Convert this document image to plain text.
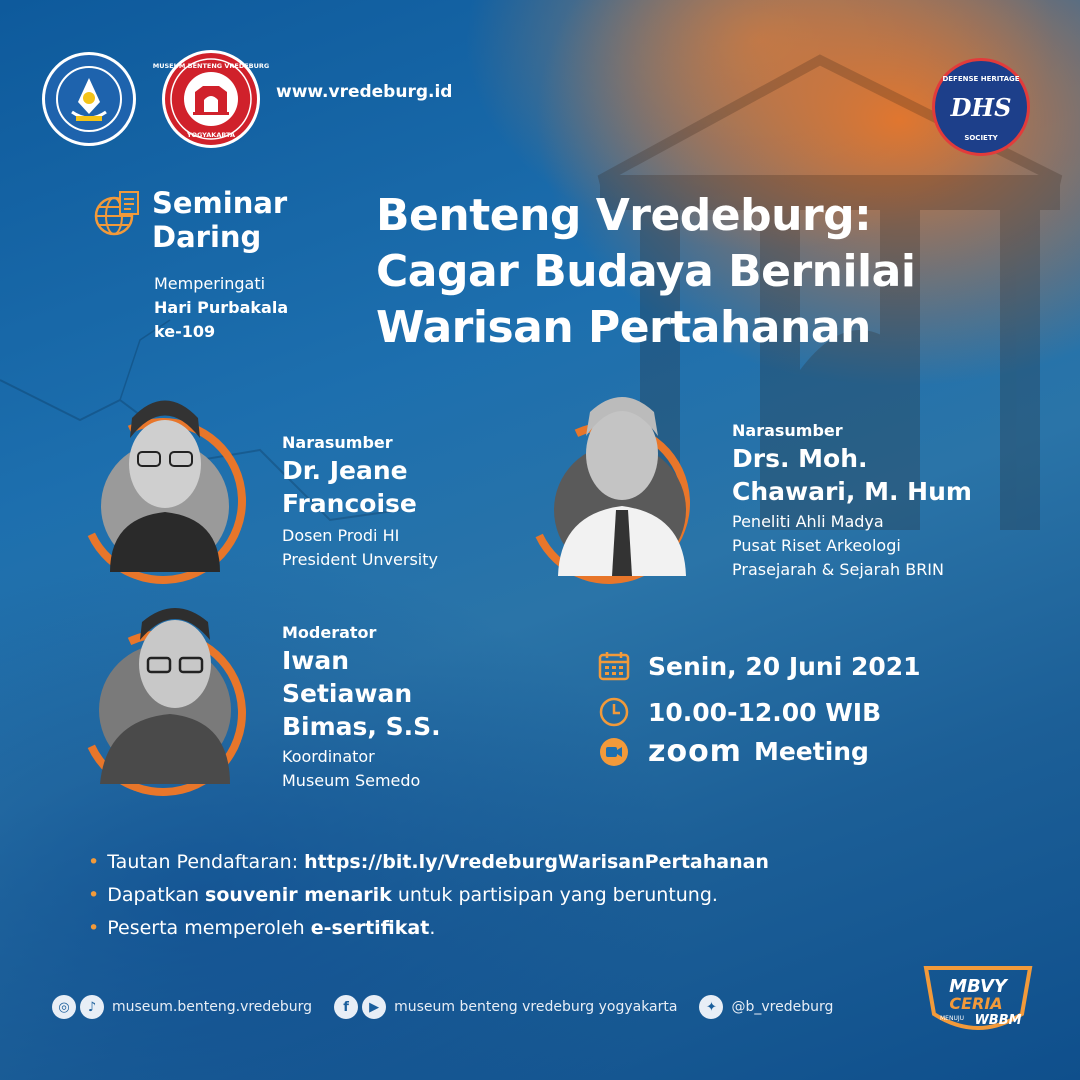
MUSEUM BENTENG VREDEBURG
YOGYAKARTA
www.vredeburg.id
DEFENSE HERITAGE
DHS
SOCIETY
Seminar Daring
Memperingati
Hari Purbakala
ke-109
Benteng Vredeburg:
Cagar Budaya Bernilai
Warisan Pertahanan
Narasumber
Dr. Jeane
Francoise
Dosen Prodi HI
President Unversity
Narasumber
Drs. Moh.
Chawari, M. Hum
Peneliti Ahli Madya
Pusat Riset Arkeologi
Prasejarah & Sejarah BRIN
Moderator
Iwan
Setiawan
Bimas, S.S.
Koordinator
Museum Semedo
Senin, 20 Juni 2021
10.00-12.00 WIB
zoom Meeting
• Tautan Pendaftaran: https://bit.ly/VredeburgWarisanPertahanan
• Dapatkan souvenir menarik untuk partisipan yang beruntung.
• Peserta memperoleh e-sertifikat.
◎	♪	museum.benteng.vredeburg	f	▶	museum benteng vredeburg yogyakarta	✦	@b_vredeburg
MBVY
CERIA
MENUJU WBBM
